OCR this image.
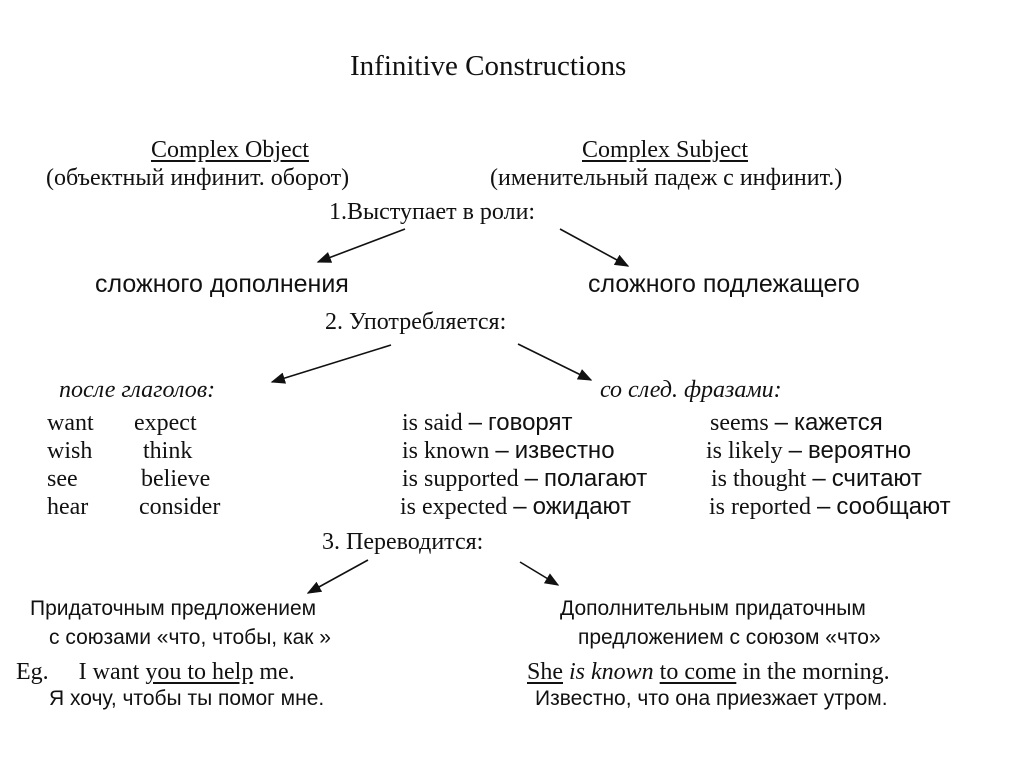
Infinitive Constructions
Complex Object
(объектный инфинит. оборот)
Complex Subject
(именительный падеж с инфинит.)
1.Выступает в роли:
сложного дополнения	сложного подлежащего
2. Употребляется:
после глаголов:	со след. фразами:
want
wish
see
hear
expect
think
believe
consider
is said – говорят
is known – известно
is supported – полагают
is expected – ожидают
seems – кажется
is likely – вероятно
is thought – считают
is reported – сообщают
3. Переводится:
Придаточным предложением
с союзами «что, чтобы, как »
Дополнительным придаточным
предложением с союзом «что»
Eg. I want you to help me.
Я хочу, чтобы ты помог мне.
She is known to come in the morning.
Известно, что она приезжает утром.
